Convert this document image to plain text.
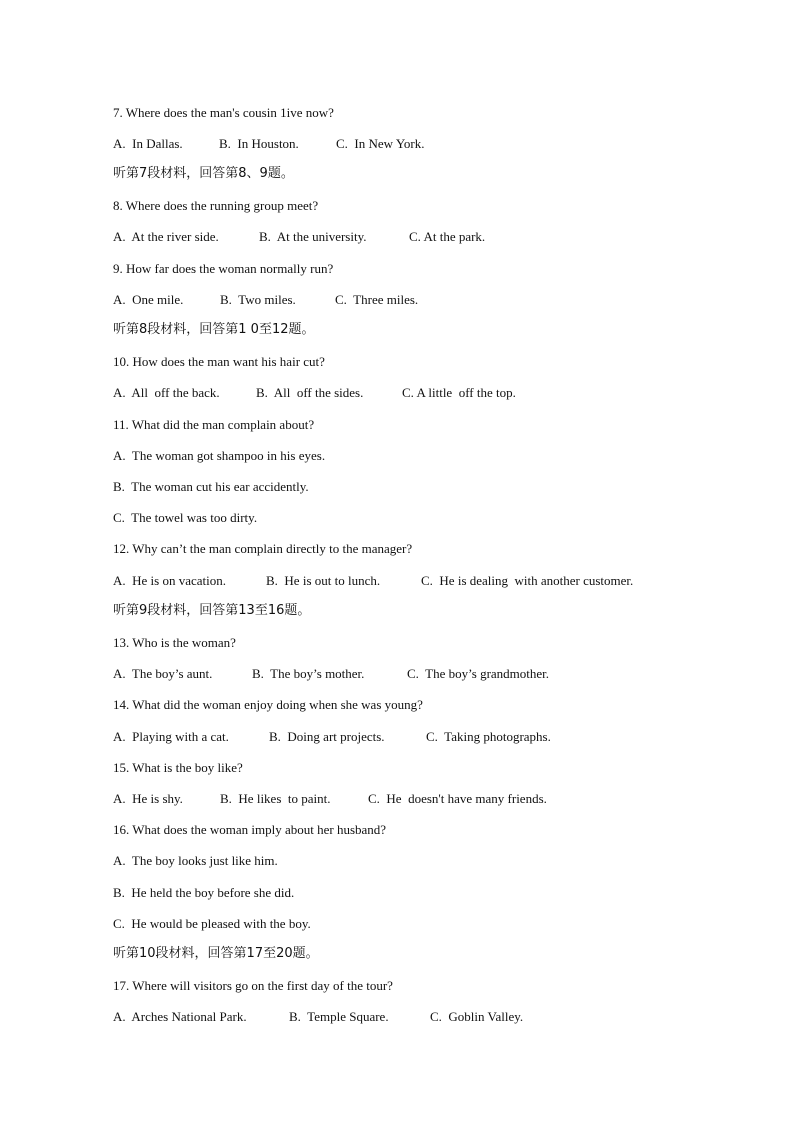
7. Where does the man's cousin 1ive now?
A.  In Dallas.	B.  In Houston.	C.  In New York.
听第7段材料，回答第8、9题。
8. Where does the running group meet?
A.  At the river side.	B.  At the university.	C. At the park.
9. How far does the woman normally run?
A.  One mile.	B.  Two miles.	C.  Three miles.
听第8段材料，回答第1 0至12题。
10. How does the man want his hair cut?
A.  All  off the back.	B.  All  off the sides.	C. A little  off the top.
11. What did the man complain about?
A.  The woman got shampoo in his eyes.
B.  The woman cut his ear accidently.
C.  The towel was too dirty.
12. Why can’t the man complain directly to the manager?
A.  He is on vacation.	B.  He is out to lunch.	C.  He is dealing  with another customer.
听第9段材料，回答第13至16题。
13. Who is the woman?
A.  The boy’s aunt.	B.  The boy’s mother.	C.  The boy’s grandmother.
14. What did the woman enjoy doing when she was young?
A.  Playing with a cat.	B.  Doing art projects.	C.  Taking photographs.
15. What is the boy like?
A.  He is shy.	B.  He likes  to paint.	C.  He  doesn't have many friends.
16. What does the woman imply about her husband?
A.  The boy looks just like him.
B.  He held the boy before she did.
C.  He would be pleased with the boy.
听第10段材料，回答第17至20题。
17. Where will visitors go on the first day of the tour?
A.  Arches National Park.	B.  Temple Square.	C.  Goblin Valley.
